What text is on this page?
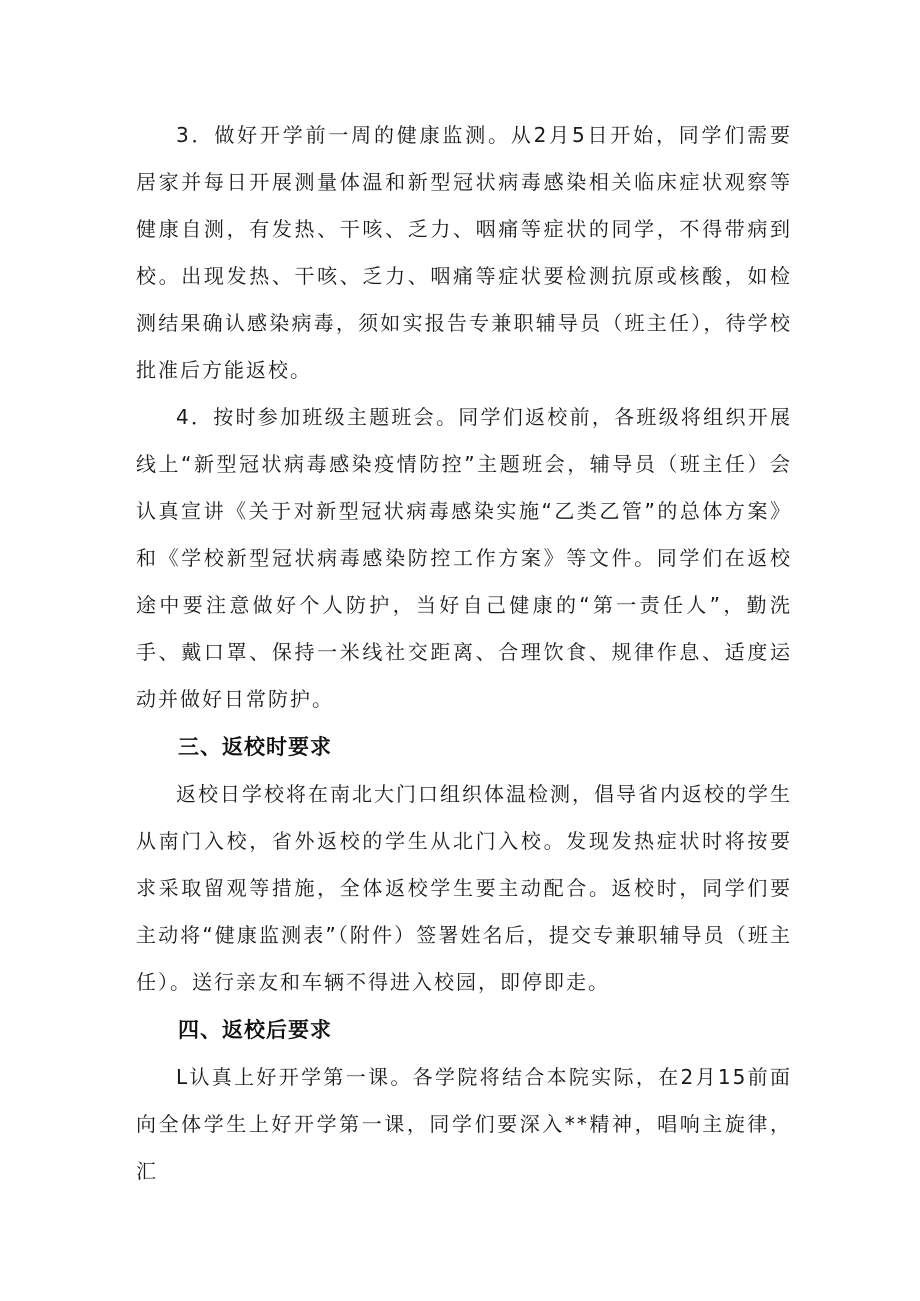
3．做好开学前一周的健康监测。从2月5日开始，同学们需要居家并每日开展测量体温和新型冠状病毒感染相关临床症状观察等健康自测，有发热、干咳、乏力、咽痛等症状的同学，不得带病到校。出现发热、干咳、乏力、咽痛等症状要检测抗原或核酸，如检测结果确认感染病毒，须如实报告专兼职辅导员（班主任），待学校批准后方能返校。

4．按时参加班级主题班会。同学们返校前，各班级将组织开展线上“新型冠状病毒感染疫情防控”主题班会，辅导员（班主任）会认真宣讲《关于对新型冠状病毒感染实施“乙类乙管”的总体方案》和《学校新型冠状病毒感染防控工作方案》等文件。同学们在返校途中要注意做好个人防护，当好自己健康的“第一责任人”，勤洗手、戴口罩、保持一米线社交距离、合理饮食、规律作息、适度运动并做好日常防护。

三、返校时要求

返校日学校将在南北大门口组织体温检测，倡导省内返校的学生从南门入校，省外返校的学生从北门入校。发现发热症状时将按要求采取留观等措施，全体返校学生要主动配合。返校时，同学们要主动将“健康监测表”（附件）签署姓名后，提交专兼职辅导员（班主任）。送行亲友和车辆不得进入校园，即停即走。

四、返校后要求

L认真上好开学第一课。各学院将结合本院实际，在2月15前面向全体学生上好开学第一课，同学们要深入**精神，唱响主旋律，汇
